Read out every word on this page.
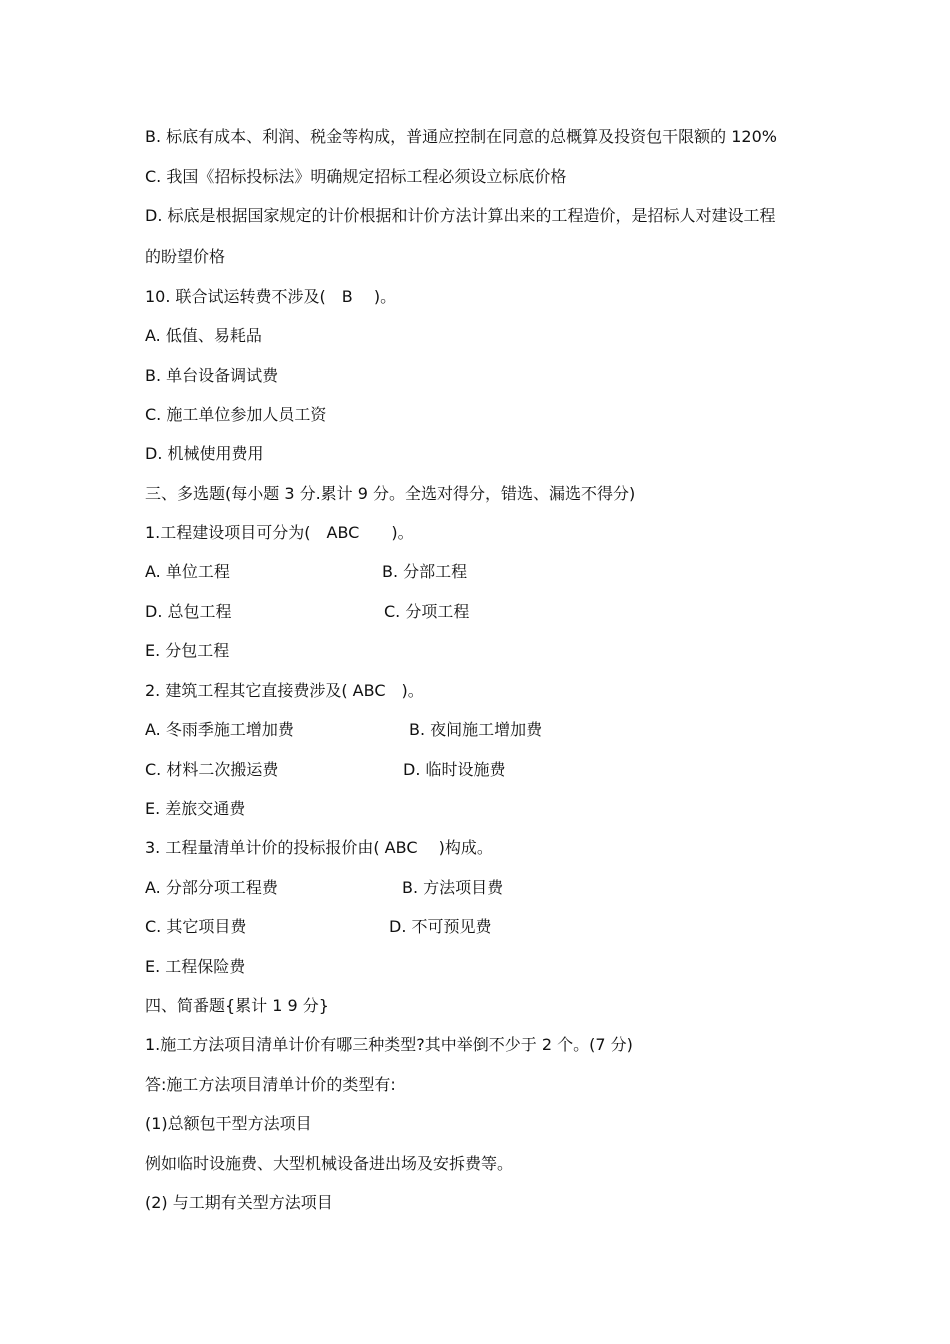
B. 标底有成本、利润、税金等构成，普通应控制在同意的总概算及投资包干限额的 120%
C. 我国《招标投标法》明确规定招标工程必须设立标底价格
D. 标底是根据国家规定的计价根据和计价方法计算出来的工程造价，是招标人对建设工程
的盼望价格
10. 联合试运转费不涉及(　B　 )。
A. 低值、易耗品
B. 单台设备调试费
C. 施工单位参加人员工资
D. 机械使用费用
三、多选题(每小题 3 分.累计 9 分。全选对得分，错选、漏选不得分)
1.工程建设项目可分为(　ABC　　)。
A. 单位工程	B. 分部工程
D. 总包工程	C. 分项工程
E. 分包工程
2. 建筑工程其它直接费涉及( ABC　)。
A. 冬雨季施工增加费	B. 夜间施工增加费
C. 材料二次搬运费	D. 临时设施费
E. 差旅交通费
3. 工程量清单计价的投标报价由( ABC　 )构成。
A. 分部分项工程费	B. 方法项目费
C. 其它项目费	D. 不可预见费
E. 工程保险费
四、简番题{累计 1 9 分}
1.施工方法项目清单计价有哪三种类型?其中举倒不少于 2 个。(7 分)
答:施工方法项目清单计价的类型有:
(1)总额包干型方法项目
例如临时设施费、大型机械设备进出场及安拆费等。
(2) 与工期有关型方法项目
